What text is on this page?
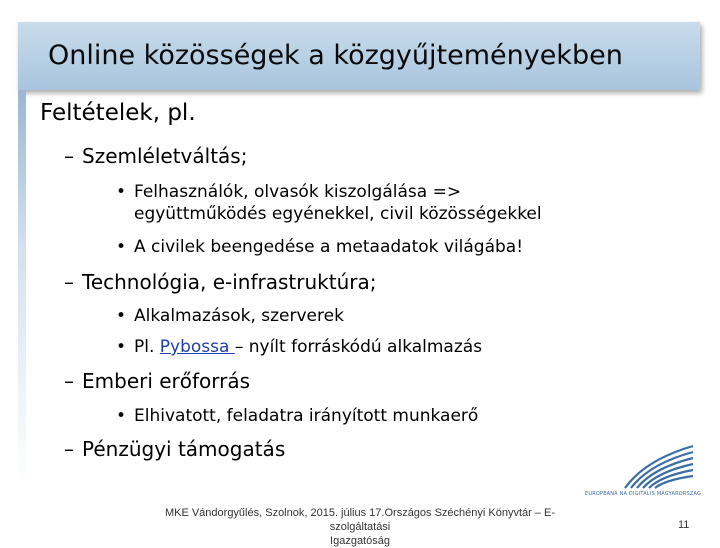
Online közösségek a közgyűjteményekben
Feltételek, pl.
– Szemléletváltás;
• Felhasználók, olvasók kiszolgálása =>
együttműködés egyénekkel, civil közösségekkel
• A civilek beengedése a metaadatok világába!
– Technológia, e-infrastruktúra;
• Alkalmazások, szerverek
• Pl. Pybossa – nyílt forráskódú alkalmazás
– Emberi erőforrás
• Elhivatott, feladatra irányított munkaerő
– Pénzügyi támogatás
EUROPEANA NA DIGITALIS MAGYARORSZAG
MKE Vándorgyűlés, Szolnok, 2015. július 17.Országos Széchényi Könyvtár – E-szolgáltatási
Igazgatóság
11
